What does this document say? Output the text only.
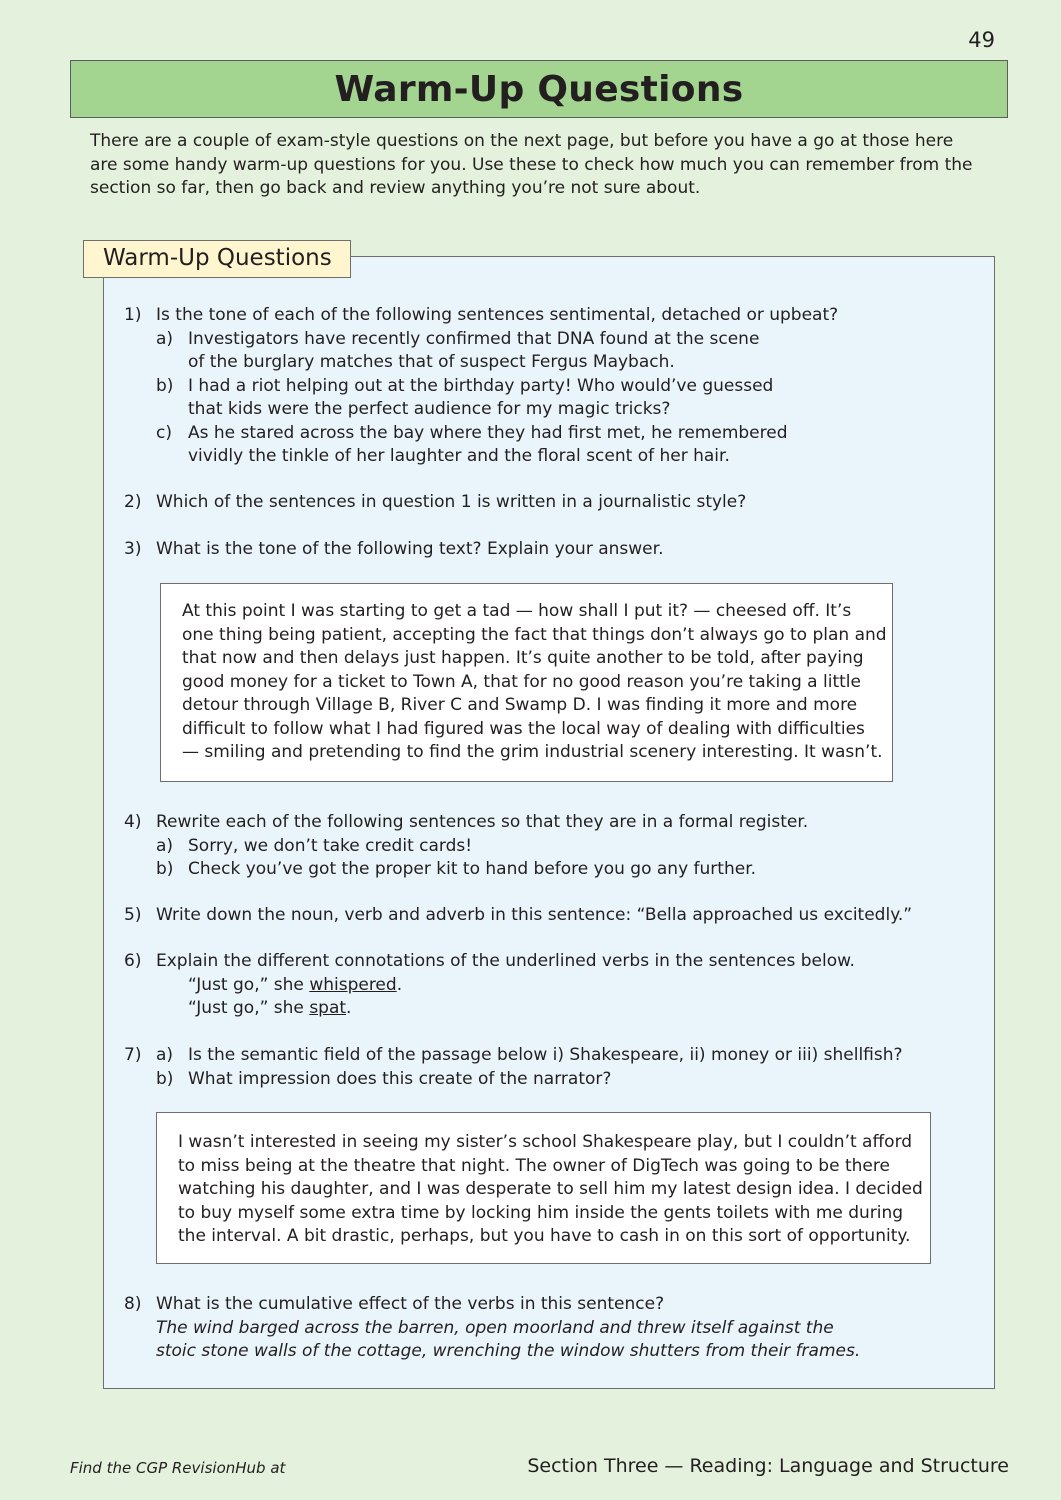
49
Warm-Up Questions

There are a couple of exam-style questions on the next page, but before you have a go at those here are some handy warm-up questions for you. Use these to check how much you can remember from the section so far, then go back and review anything you’re not sure about.

Warm-Up Questions
1) Is the tone of each of the following sentences sentimental, detached or upbeat?
a) Investigators have recently confirmed that DNA found at the scene
of the burglary matches that of suspect Fergus Maybach.
b) I had a riot helping out at the birthday party! Who would’ve guessed
that kids were the perfect audience for my magic tricks?
c) As he stared across the bay where they had first met, he remembered
vividly the tinkle of her laughter and the floral scent of her hair.
2) Which of the sentences in question 1 is written in a journalistic style?
3) What is the tone of the following text? Explain your answer.
At this point I was starting to get a tad — how shall I put it? — cheesed off. It’s
one thing being patient, accepting the fact that things don’t always go to plan and
that now and then delays just happen. It’s quite another to be told, after paying
good money for a ticket to Town A, that for no good reason you’re taking a little
detour through Village B, River C and Swamp D. I was finding it more and more
difficult to follow what I had figured was the local way of dealing with difficulties
— smiling and pretending to find the grim industrial scenery interesting. It wasn’t.
4) Rewrite each of the following sentences so that they are in a formal register.
a) Sorry, we don’t take credit cards!
b) Check you’ve got the proper kit to hand before you go any further.
5) Write down the noun, verb and adverb in this sentence: “Bella approached us excitedly.”
6) Explain the different connotations of the underlined verbs in the sentences below.
“Just go,” she whispered.
“Just go,” she spat.
7) a) Is the semantic field of the passage below i) Shakespeare, ii) money or iii) shellfish?
b) What impression does this create of the narrator?
I wasn’t interested in seeing my sister’s school Shakespeare play, but I couldn’t afford
to miss being at the theatre that night. The owner of DigTech was going to be there
watching his daughter, and I was desperate to sell him my latest design idea. I decided
to buy myself some extra time by locking him inside the gents toilets with me during
the interval. A bit drastic, perhaps, but you have to cash in on this sort of opportunity.
8) What is the cumulative effect of the verbs in this sentence?
The wind barged across the barren, open moorland and threw itself against the
stoic stone walls of the cottage, wrenching the window shutters from their frames.
Find the CGP RevisionHub at	Section Three — Reading: Language and Structure
